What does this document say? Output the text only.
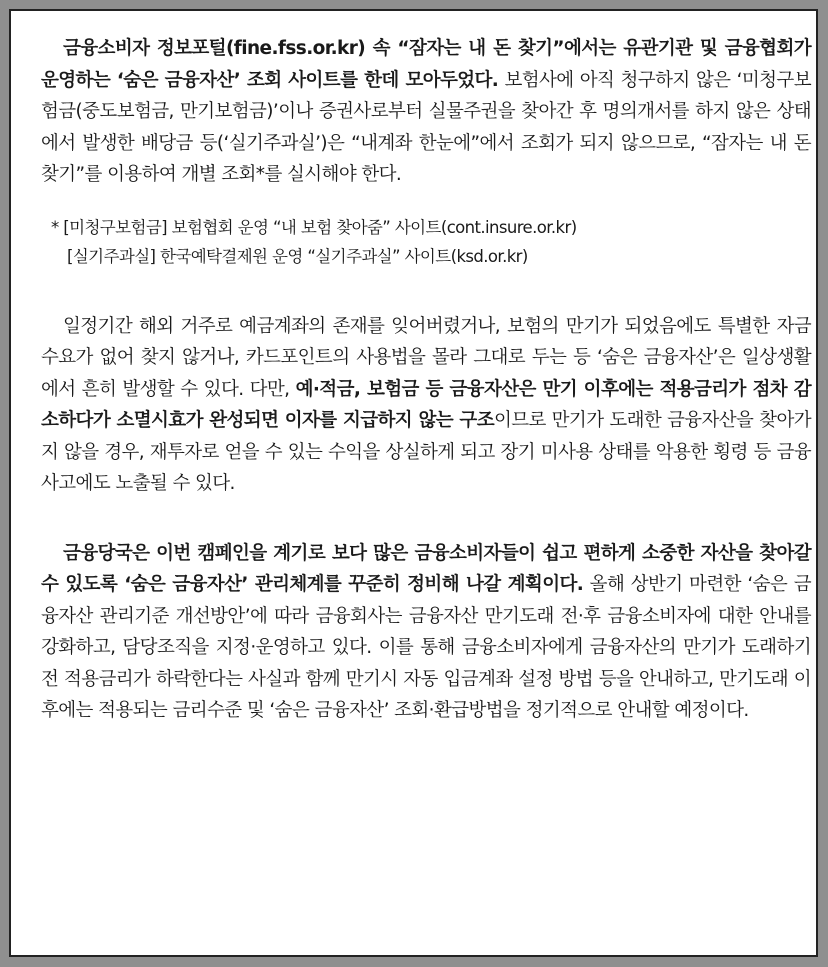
금융소비자 정보포털(fine.fss.or.kr) 속 “잠자는 내 돈 찾기”에서는 유관기관 및 금융협회가 운영하는 ‘숨은 금융자산’ 조회 사이트를 한데 모아두었다. 보험사에 아직 청구하지 않은 ‘미청구보험금(중도보험금, 만기보험금)’이나 증권사로부터 실물주권을 찾아간 후 명의개서를 하지 않은 상태에서 발생한 배당금 등(‘실기주과실’)은 “내계좌 한눈에”에서 조회가 되지 않으므로, “잠자는 내 돈 찾기”를 이용하여 개별 조회*를 실시해야 한다.

* [미청구보험금] 보험협회 운영 “내 보험 찾아줌” 사이트(cont.insure.or.kr)
[실기주과실] 한국예탁결제원 운영 “실기주과실” 사이트(ksd.or.kr)

일정기간 해외 거주로 예금계좌의 존재를 잊어버렸거나, 보험의 만기가 되었음에도 특별한 자금 수요가 없어 찾지 않거나, 카드포인트의 사용법을 몰라 그대로 두는 등 ‘숨은 금융자산’은 일상생활에서 흔히 발생할 수 있다. 다만, 예·적금, 보험금 등 금융자산은 만기 이후에는 적용금리가 점차 감소하다가 소멸시효가 완성되면 이자를 지급하지 않는 구조이므로 만기가 도래한 금융자산을 찾아가지 않을 경우, 재투자로 얻을 수 있는 수익을 상실하게 되고 장기 미사용 상태를 악용한 횡령 등 금융사고에도 노출될 수 있다.

금융당국은 이번 캠페인을 계기로 보다 많은 금융소비자들이 쉽고 편하게 소중한 자산을 찾아갈 수 있도록 ‘숨은 금융자산’ 관리체계를 꾸준히 정비해 나갈 계획이다. 올해 상반기 마련한 ‘숨은 금융자산 관리기준 개선방안’에 따라 금융회사는 금융자산 만기도래 전·후 금융소비자에 대한 안내를 강화하고, 담당조직을 지정·운영하고 있다. 이를 통해 금융소비자에게 금융자산의 만기가 도래하기 전 적용금리가 하락한다는 사실과 함께 만기시 자동 입금계좌 설정 방법 등을 안내하고, 만기도래 이후에는 적용되는 금리수준 및 ‘숨은 금융자산’ 조회·환급방법을 정기적으로 안내할 예정이다.
